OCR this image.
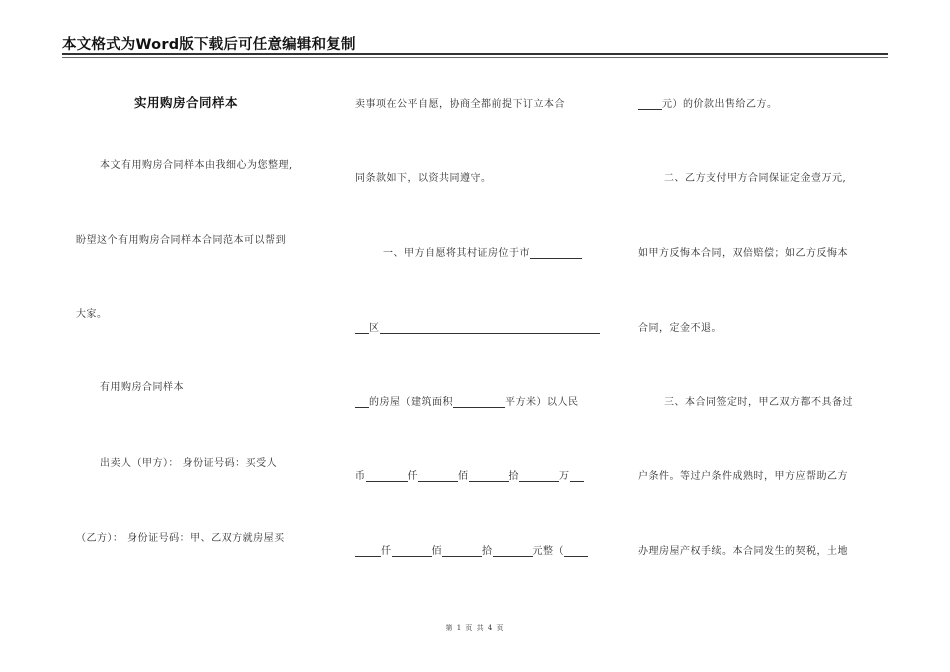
本文格式为Word版下载后可任意编辑和复制
实用购房合同样本
本文有用购房合同样本由我细心为您整理,
盼望这个有用购房合同样本合同范本可以帮到
大家。
有用购房合同样本
出卖人（甲方）： 身份证号码：买受人
（乙方）： 身份证号码：甲、乙双方就房屋买
卖事项在公平自愿，协商全都前提下订立本合
同条款如下，以资共同遵守。
一、甲方自愿将其村证房位于市
区
的房屋（建筑面积	平方米）以人民
币	仟	佰	拾	万
仟	佰	拾	元整（
元）的价款出售给乙方。
二、乙方支付甲方合同保证定金壹万元,
如甲方反悔本合同，双倍赔偿；如乙方反悔本
合同，定金不退。
三、本合同签定时，甲乙双方都不具备过
户条件。等过户条件成熟时，甲方应帮助乙方
办理房屋产权手续。本合同发生的契税，土地
第 1 页 共 4 页
